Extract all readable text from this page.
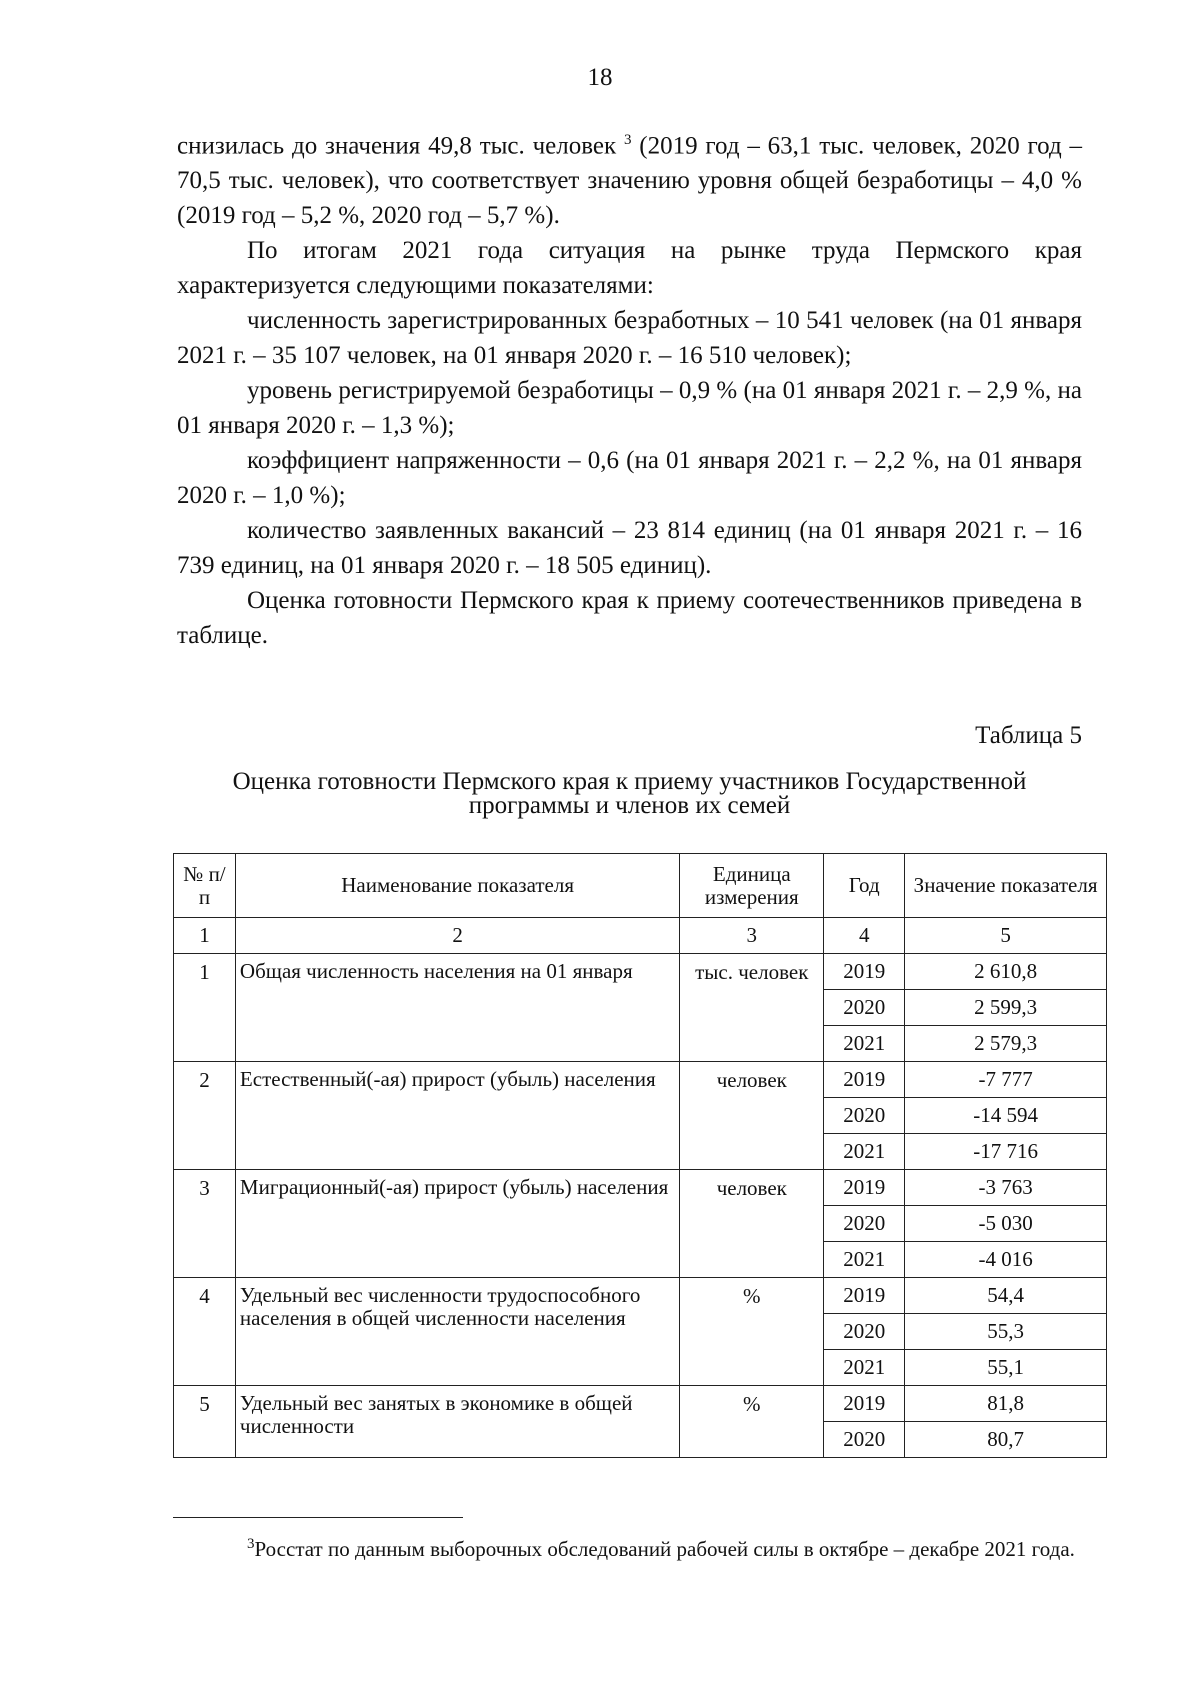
18

снизилась до значения 49,8 тыс. человек $^3$ (2019 год – 63,1 тыс. человек, 2020 год – 70,5 тыс. человек), что соответствует значению уровня общей безработицы – 4,0 % (2019 год – 5,2 %, 2020 год – 5,7 %).

По итогам 2021 года ситуация на рынке труда Пермского края характеризуется следующими показателями:

численность зарегистрированных безработных – 10 541 человек (на 01 января 2021 г. – 35 107 человек, на 01 января 2020 г. – 16 510 человек);

уровень регистрируемой безработицы – 0,9 % (на 01 января 2021 г. – 2,9 %, на 01 января 2020 г. – 1,3 %);

коэффициент напряженности – 0,6 (на 01 января 2021 г. – 2,2 %, на 01 января 2020 г. – 1,0 %);

количество заявленных вакансий – 23 814 единиц (на 01 января 2021 г. – 16 739 единиц, на 01 января 2020 г. – 18 505 единиц).

Оценка готовности Пермского края к приему соотечественников приведена в таблице.

Таблица 5
Оценка готовности Пермского края к приему участников Государственной программы и членов их семей
№ п/п	Наименование показателя	Единица измерения	Год	Значение показателя
1	2	3	4	5
1	Общая численность населения на 01 января	тыс. человек	2019	2 610,8
			2020	2 599,3
			2021	2 579,3
2	Естественный(-ая) прирост (убыль) населения	человек	2019	-7 777
			2020	-14 594
			2021	-17 716
3	Миграционный(-ая) прирост (убыль) населения	человек	2019	-3 763
			2020	-5 030
			2021	-4 016
4	Удельный вес численности трудоспособного населения в общей численности населения	%	2019	54,4
			2020	55,3
			2021	55,1
5	Удельный вес занятых в экономике в общей численности	%	2019	81,8
			2020	80,7
$^3$Росстат по данным выборочных обследований рабочей силы в октябре – декабре 2021 года.
